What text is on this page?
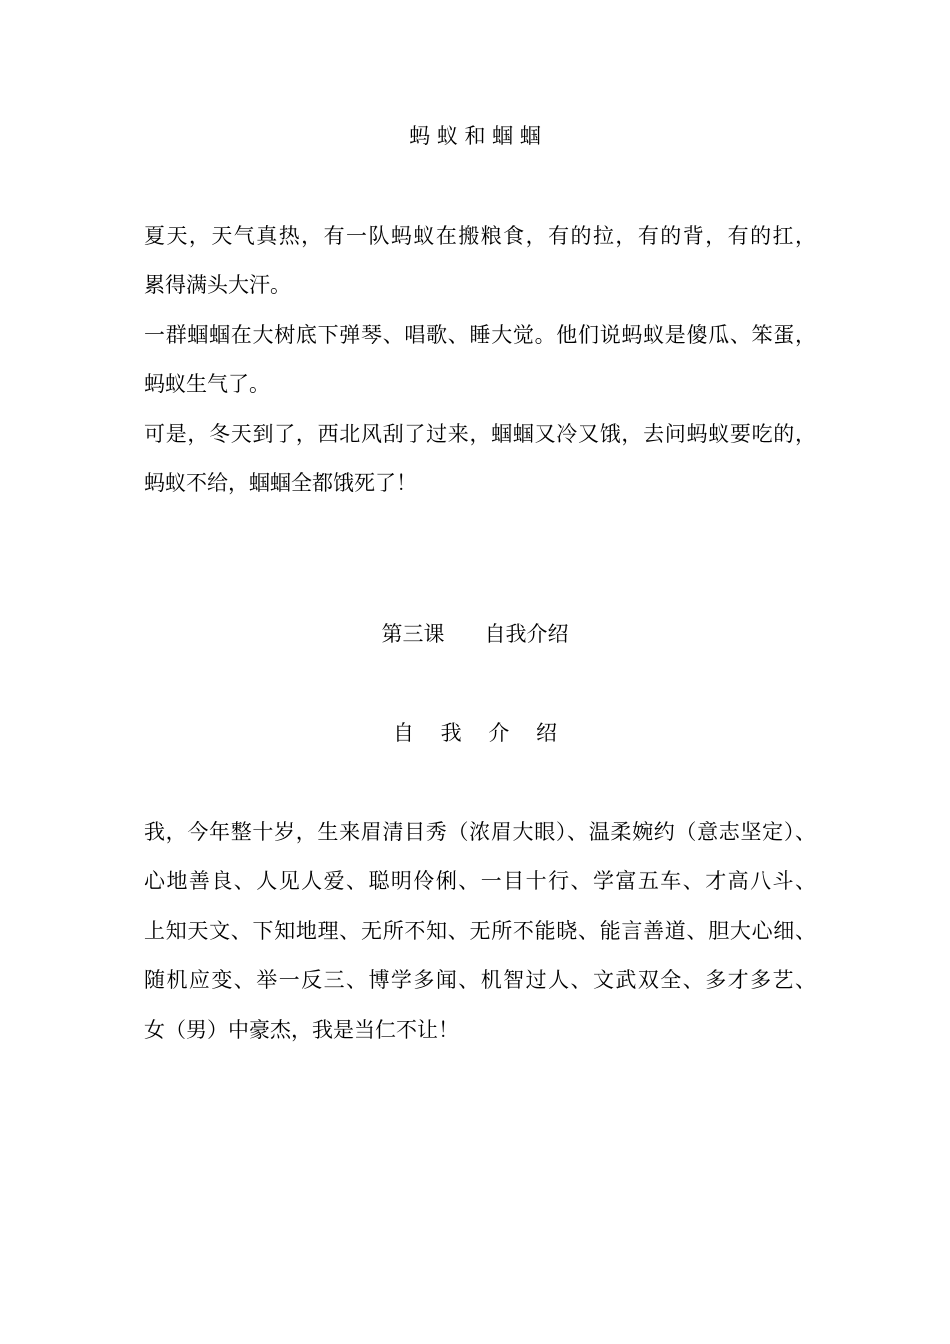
蚂 蚁 和 蝈 蝈
夏天，天气真热，有一队蚂蚁在搬粮食，有的拉，有的背，有的扛，
累得满头大汗。
一群蝈蝈在大树底下弹琴、唱歌、睡大觉。他们说蚂蚁是傻瓜、笨蛋，
蚂蚁生气了。
可是，冬天到了，西北风刮了过来，蝈蝈又冷又饿，去问蚂蚁要吃的，
蚂蚁不给，蝈蝈全都饿死了！
第三课      自我介绍
自    我    介    绍
我，今年整十岁，生来眉清目秀（浓眉大眼）、温柔婉约（意志坚定）、
心地善良、人见人爱、聪明伶俐、一目十行、学富五车、才高八斗、
上知天文、下知地理、无所不知、无所不能晓、能言善道、胆大心细、
随机应变、举一反三、博学多闻、机智过人、文武双全、多才多艺、
女（男）中豪杰，我是当仁不让！
